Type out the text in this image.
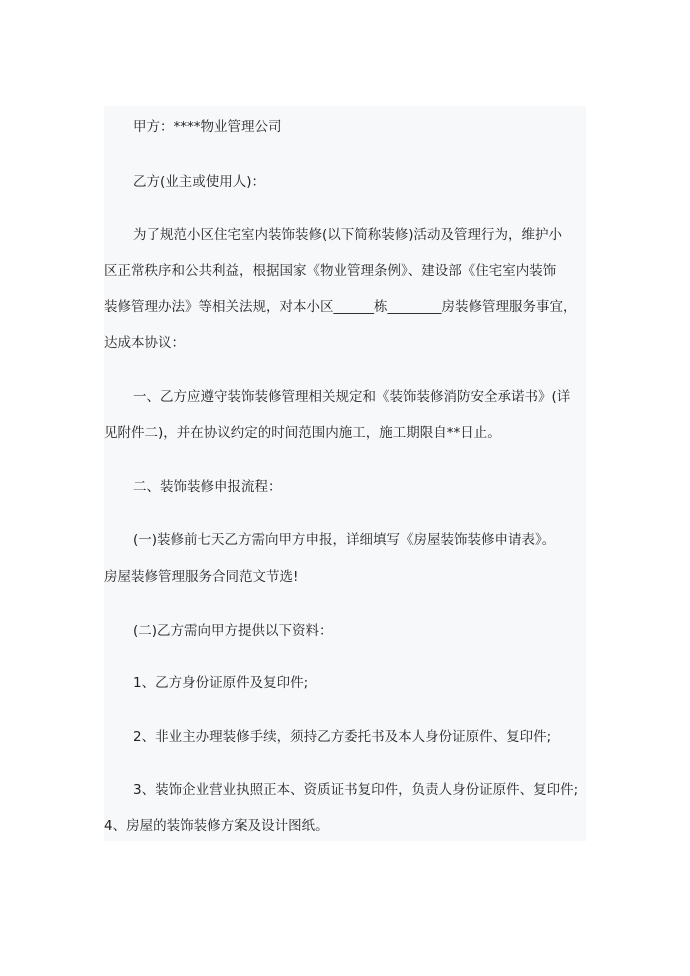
甲方：****物业管理公司
乙方(业主或使用人)：
为了规范小区住宅室内装饰装修(以下简称装修)活动及管理行为，维护小
区正常秩序和公共利益，根据国家《物业管理条例》、建设部《住宅室内装饰
装修管理办法》等相关法规，对本小区______栋________房装修管理服务事宜，
达成本协议：
一、乙方应遵守装饰装修管理相关规定和《装饰装修消防安全承诺书》(详
见附件二)，并在协议约定的时间范围内施工，施工期限自**日止。
二、装饰装修申报流程：
(一)装修前七天乙方需向甲方申报，详细填写《房屋装饰装修申请表》。
房屋装修管理服务合同范文节选!
(二)乙方需向甲方提供以下资料：
1、乙方身份证原件及复印件;
2、非业主办理装修手续，须持乙方委托书及本人身份证原件、复印件;
3、装饰企业营业执照正本、资质证书复印件，负责人身份证原件、复印件;
4、房屋的装饰装修方案及设计图纸。
